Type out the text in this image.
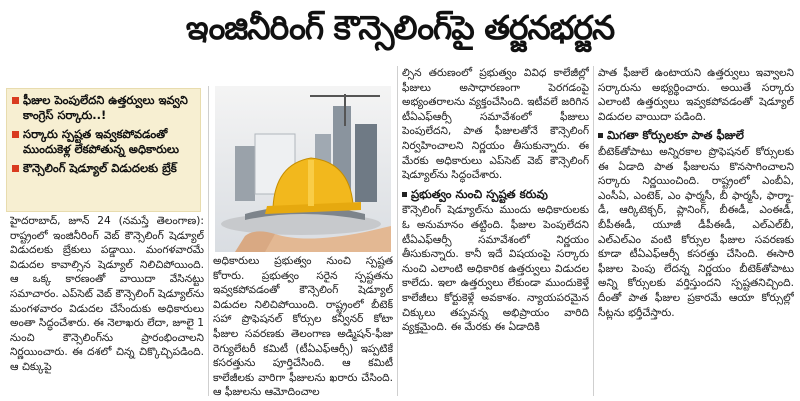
ఇంజినీరింగ్ కౌన్సెలింగ్‌పై తర్జనభర్జన
ఫీజుల పెంపులేదని ఉత్తర్వులు ఇవ్వని కాంగ్రెస్ సర్కారు..!
సర్కారు స్పష్టత ఇవ్వకపోవడంతో ముందుకెళ్ల లేకపోతున్న అధికారులు
కౌన్సెలింగ్ షెడ్యూల్ విడుదలకు బ్రేక్

హైదరాబాద్, జూన్ 24 (నమస్తే తెలంగాణ): రాష్ట్రంలో ఇంజినీరింగ్ వెబ్ కౌన్సెలింగ్ షెడ్యూల్ విడుదలకు బ్రేకులు పడ్డాయి. మంగళవారమే విడుదల కావాల్సిన షెడ్యూల్ నిలిచిపోయింది. ఆ ఒక్క కారణంతో వాయిదా వేసినట్టు సమాచారం. ఎప్‌సెట్ వెబ్ కౌన్సెలింగ్ షెడ్యూల్‌ను మంగళవారం విడుదల చేసేందుకు అధికారులు అంతా సిద్ధంచేశారు. ఈ నెలాఖరు లేదా, జూలై 1 నుంచి కౌన్సెలింగ్‌ను ప్రారంభించాలని నిర్ణయించారు. ఈ దశలో చిన్న చిక్కొచ్చిపడింది. ఆ చిక్కుపై

అధికారులు ప్రభుత్వం నుంచి స్పష్టత కోరారు. ప్రభుత్వం సరైన స్పష్టతను ఇవ్వకపోవడంతో కౌన్సెలింగ్ షెడ్యూల్ విడుదల నిలిచిపోయింది. రాష్ట్రంలో బీటెక్ సహా ప్రొఫెషనల్ కోర్సుల కన్వీనర్ కోటా ఫీజుల సవరణకు తెలంగాణ అడ్మిషన్-ఫీజు రెగ్యులేటరీ కమిటీ (టీఏఎఫ్‌ఆర్సీ) ఇప్పటికే కసరత్తును పూర్తిచేసింది. ఆ కమిటీ కాలేజీలకు వారిగా ఫీజులను ఖరారు చేసింది. ఆ ఫీజులను ఆమోదించాల

ల్సిన తరుణంలో ప్రభుత్వం వివిధ కాలేజీల్లో ఫీజులు అసాధారణంగా పెరగడంపై అభ్యంతరాలను వ్యక్తంచేసింది. ఇటీవలే జరిగిన టీఏఎఫ్‌ఆర్సీ సమావేశంలో ఫీజులు పెంపులేదని, పాత ఫీజులతోనే కౌన్సెలింగ్ నిర్వహించాలని నిర్ణయం తీసుకున్నారు. ఈ మేరకు అధికారులు ఎప్‌సెట్ వెబ్ కౌన్సెలింగ్ షెడ్యూల్‌ను సిద్ధంచేశారు.

ప్రభుత్వం నుంచి స్పష్టత కరువు

కౌన్సెలింగ్ షెడ్యూల్‌ను ముందు అధికారులకు ఓ అనుమానం తట్టింది. ఫీజుల పెంపులేదని టీఏఎఫ్‌ఆర్సీ సమావేశంలో నిర్ణయం తీసుకున్నారు. కానీ ఇదే విషయంపై సర్కారు నుంచి ఎలాంటి అధికారిక ఉత్తర్వులు విడుదల కాలేదు. ఇలా ఉత్తర్వులు లేకుండా ముందుకెళ్తే కాలేజీలు కోర్టుకెళ్లే అవకాశం. న్యాయపరమైన చిక్కులు తప్పవన్న అభిప్రాయం వారిది వ్యక్తమైంది. ఈ మేరకు ఈ ఏడాదికి

పాత ఫీజులే ఉంటాయని ఉత్తర్వులు ఇవ్వాలని సర్కారును అభ్యర్థించారు. అయితే సర్కారు ఎలాంటి ఉత్తర్వులు ఇవ్వకపోవడంతో షెడ్యూల్ విడుదల వాయిదా పడింది.

మిగతా కోర్సులకూ పాత ఫీజులే

బీటెక్‌తోపాటు అన్నిరకాల ప్రొఫెషనల్ కోర్సులకు ఈ ఏడాది పాత ఫీజులను కొనసాగించాలని సర్కారు నిర్ణయించింది. రాష్ట్రంలో ఎంబీఏ, ఎంసీఏ, ఎంటెక్, ఎం ఫార్మసీ, బీ ఫార్మసీ, ఫార్మా-డీ, ఆర్కిటెక్చర్, ప్లానింగ్, బీఈడీ, ఎంఈడీ, బీపీఈడీ, యూజీ డీపీఈడీ, ఎల్ఎల్‌బీ, ఎల్ఎల్ఎం వంటి కోర్సుల ఫీజుల సవరణకు కూడా టీఏఎఫ్‌ఆర్సీ కసరత్తు చేసింది. ఈసారి ఫీజుల పెంపు లేదన్న నిర్ణయం బీటెక్‌తోపాటు అన్ని కోర్సులకు వర్తిస్తుందని స్పష్టతనిచ్చింది. దీంతో పాత ఫీజుల ప్రకారమే ఆయా కోర్సుల్లో సీట్లను భర్తీచేస్తారు.
